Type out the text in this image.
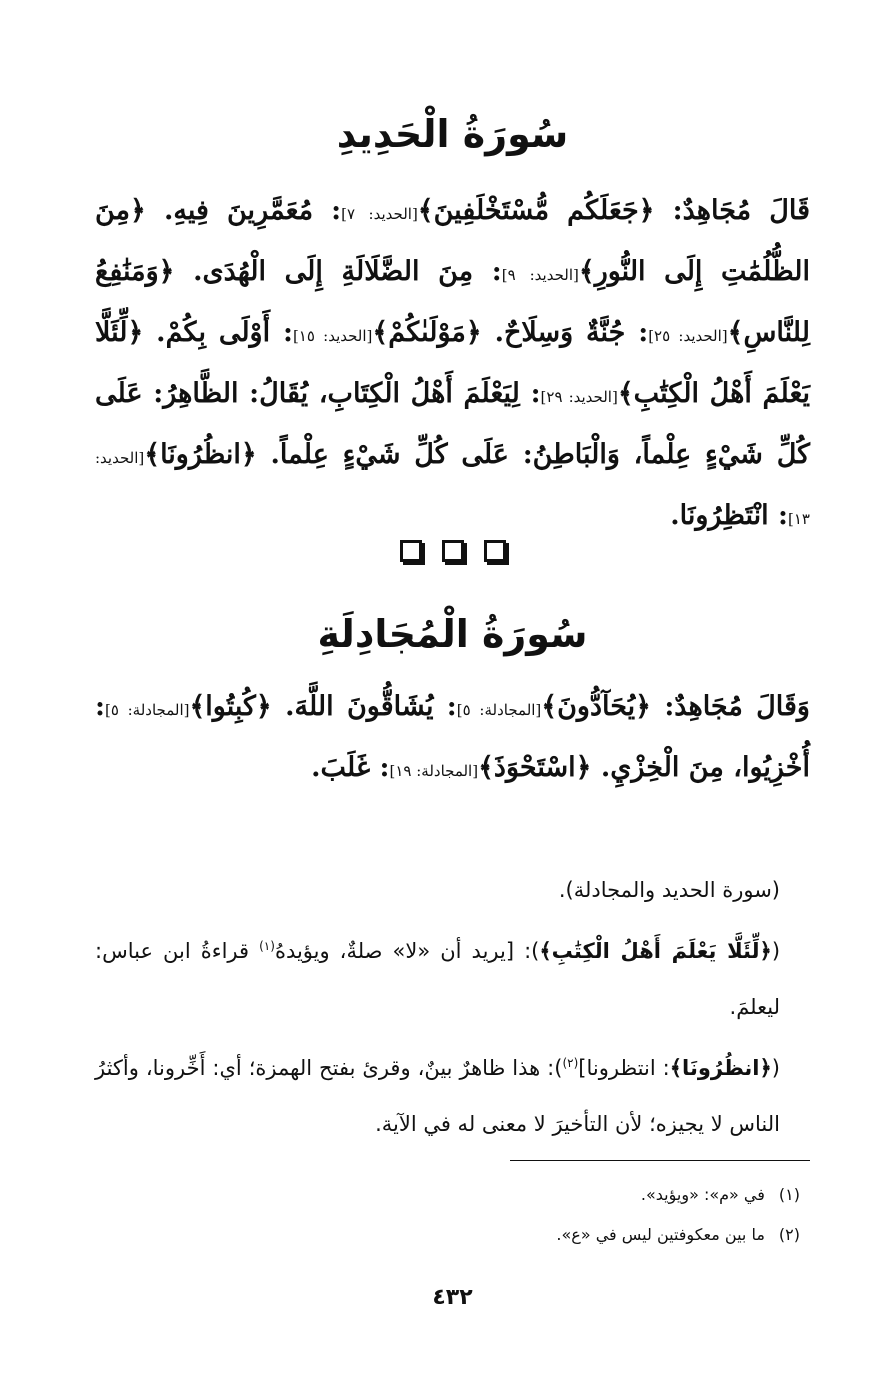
سُورَةُ الْحَدِيدِ
قَالَ مُجَاهِدٌ: ﴿جَعَلَكُم مُّسْتَخْلَفِينَ﴾[الحديد: ٧]: مُعَمَّرِينَ فِيهِ. ﴿مِنَ الظُّلُمَٰتِ إِلَى النُّورِ﴾[الحديد: ٩]: مِنَ الضَّلَالَةِ إِلَى الْهُدَى. ﴿وَمَنَٰفِعُ لِلنَّاسِ﴾[الحديد: ٢٥]: جُنَّةٌ وَسِلَاحٌ. ﴿مَوْلَىٰكُمْ﴾[الحديد: ١٥]: أَوْلَى بِكُمْ. ﴿لِّئَلَّا يَعْلَمَ أَهْلُ الْكِتَٰبِ﴾[الحديد: ٢٩]: لِيَعْلَمَ أَهْلُ الْكِتَابِ، يُقَالُ: الظَّاهِرُ: عَلَى كُلِّ شَيْءٍ عِلْماً، وَالْبَاطِنُ: عَلَى كُلِّ شَيْءٍ عِلْماً. ﴿انظُرُونَا﴾[الحديد: ١٣]: انْتَظِرُونَا.
سُورَةُ الْمُجَادِلَةِ
وَقَالَ مُجَاهِدٌ: ﴿يُحَآدُّونَ﴾[المجادلة: ٥]: يُشَاقُّونَ اللَّهَ. ﴿كُبِتُوا﴾[المجادلة: ٥]: أُخْزِيُوا، مِنَ الْخِزْيِ. ﴿اسْتَحْوَذَ﴾[المجادلة: ١٩]: غَلَبَ.

(سورة الحديد والمجادلة).

(﴿لِّئَلَّا يَعْلَمَ أَهْلُ الْكِتَٰبِ﴾): [يريد أن «لا» صلةٌ، ويؤيدهُ$^{(١)}$ قراءةُ ابن عباس: ليعلمَ.

(﴿انظُرُونَا﴾: انتظرونا]$^{(٢)}$): هذا ظاهرٌ بينٌ، وقرئ بفتح الهمزة؛ أي: أَخِّرونا، وأكثرُ الناس لا يجيزه؛ لأن التأخيرَ لا معنى له في الآية.

(١)في «م»: «ويؤيد».

(٢)ما بين معكوفتين ليس في «ع».

٤٣٢
